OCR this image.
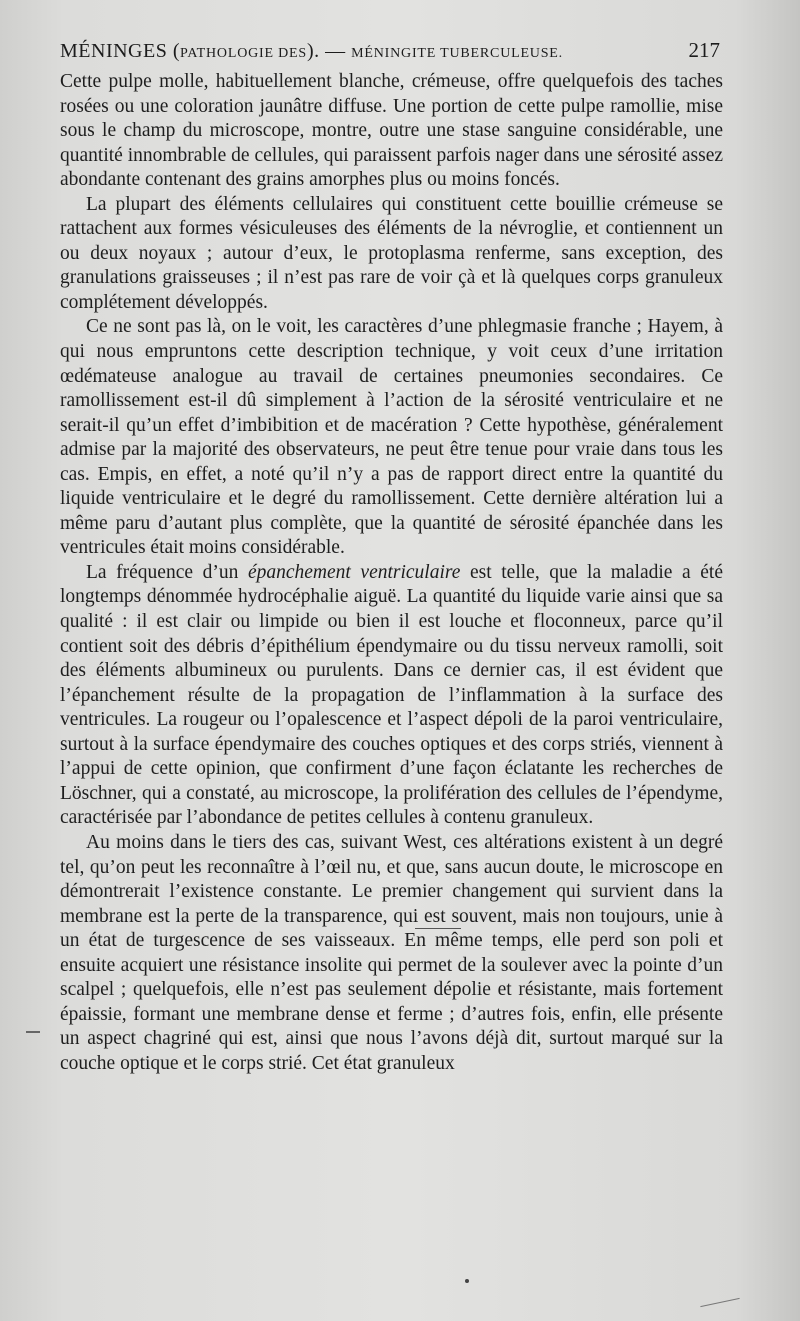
MÉNINGES (PATHOLOGIE DES). — MÉNINGITE TUBERCULEUSE.	217

Cette pulpe molle, habituellement blanche, crémeuse, offre quelquefois des taches rosées ou une coloration jaunâtre diffuse. Une portion de cette pulpe ramollie, mise sous le champ du microscope, montre, outre une stase sanguine considérable, une quantité innombrable de cellules, qui paraissent parfois nager dans une sérosité assez abondante contenant des grains amorphes plus ou moins foncés.

La plupart des éléments cellulaires qui constituent cette bouillie crémeuse se rattachent aux formes vésiculeuses des éléments de la névroglie, et contiennent un ou deux noyaux ; autour d’eux, le protoplasma renferme, sans exception, des granulations graisseuses ; il n’est pas rare de voir çà et là quelques corps granuleux complétement développés.

Ce ne sont pas là, on le voit, les caractères d’une phlegmasie franche ; Hayem, à qui nous empruntons cette description technique, y voit ceux d’une irritation œdémateuse analogue au travail de certaines pneumonies secondaires. Ce ramollissement est-il dû simplement à l’action de la sérosité ventriculaire et ne serait-il qu’un effet d’imbibition et de macération ? Cette hypothèse, généralement admise par la majorité des observateurs, ne peut être tenue pour vraie dans tous les cas. Empis, en effet, a noté qu’il n’y a pas de rapport direct entre la quantité du liquide ventriculaire et le degré du ramollissement. Cette dernière altération lui a même paru d’autant plus complète, que la quantité de sérosité épanchée dans les ventricules était moins considérable.

La fréquence d’un épanchement ventriculaire est telle, que la maladie a été longtemps dénommée hydrocéphalie aiguë. La quantité du liquide varie ainsi que sa qualité : il est clair ou limpide ou bien il est louche et floconneux, parce qu’il contient soit des débris d’épithélium épendymaire ou du tissu nerveux ramolli, soit des éléments albumineux ou purulents. Dans ce dernier cas, il est évident que l’épanchement résulte de la propagation de l’inflammation à la surface des ventricules. La rougeur ou l’opalescence et l’aspect dépoli de la paroi ventriculaire, surtout à la surface épendymaire des couches optiques et des corps striés, viennent à l’appui de cette opinion, que confirment d’une façon éclatante les recherches de Löschner, qui a constaté, au microscope, la prolifération des cellules de l’épendyme, caractérisée par l’abondance de petites cellules à contenu granuleux.

Au moins dans le tiers des cas, suivant West, ces altérations existent à un degré tel, qu’on peut les reconnaître à l’œil nu, et que, sans aucun doute, le microscope en démontrerait l’existence constante. Le premier changement qui survient dans la membrane est la perte de la transparence, qui est souvent, mais non toujours, unie à un état de turgescence de ses vaisseaux. En même temps, elle perd son poli et ensuite acquiert une résistance insolite qui permet de la soulever avec la pointe d’un scalpel ; quelquefois, elle n’est pas seulement dépolie et résistante, mais fortement épaissie, formant une membrane dense et ferme ; d’autres fois, enfin, elle présente un aspect chagriné qui est, ainsi que nous l’avons déjà dit, surtout marqué sur la couche optique et le corps strié. Cet état granuleux
